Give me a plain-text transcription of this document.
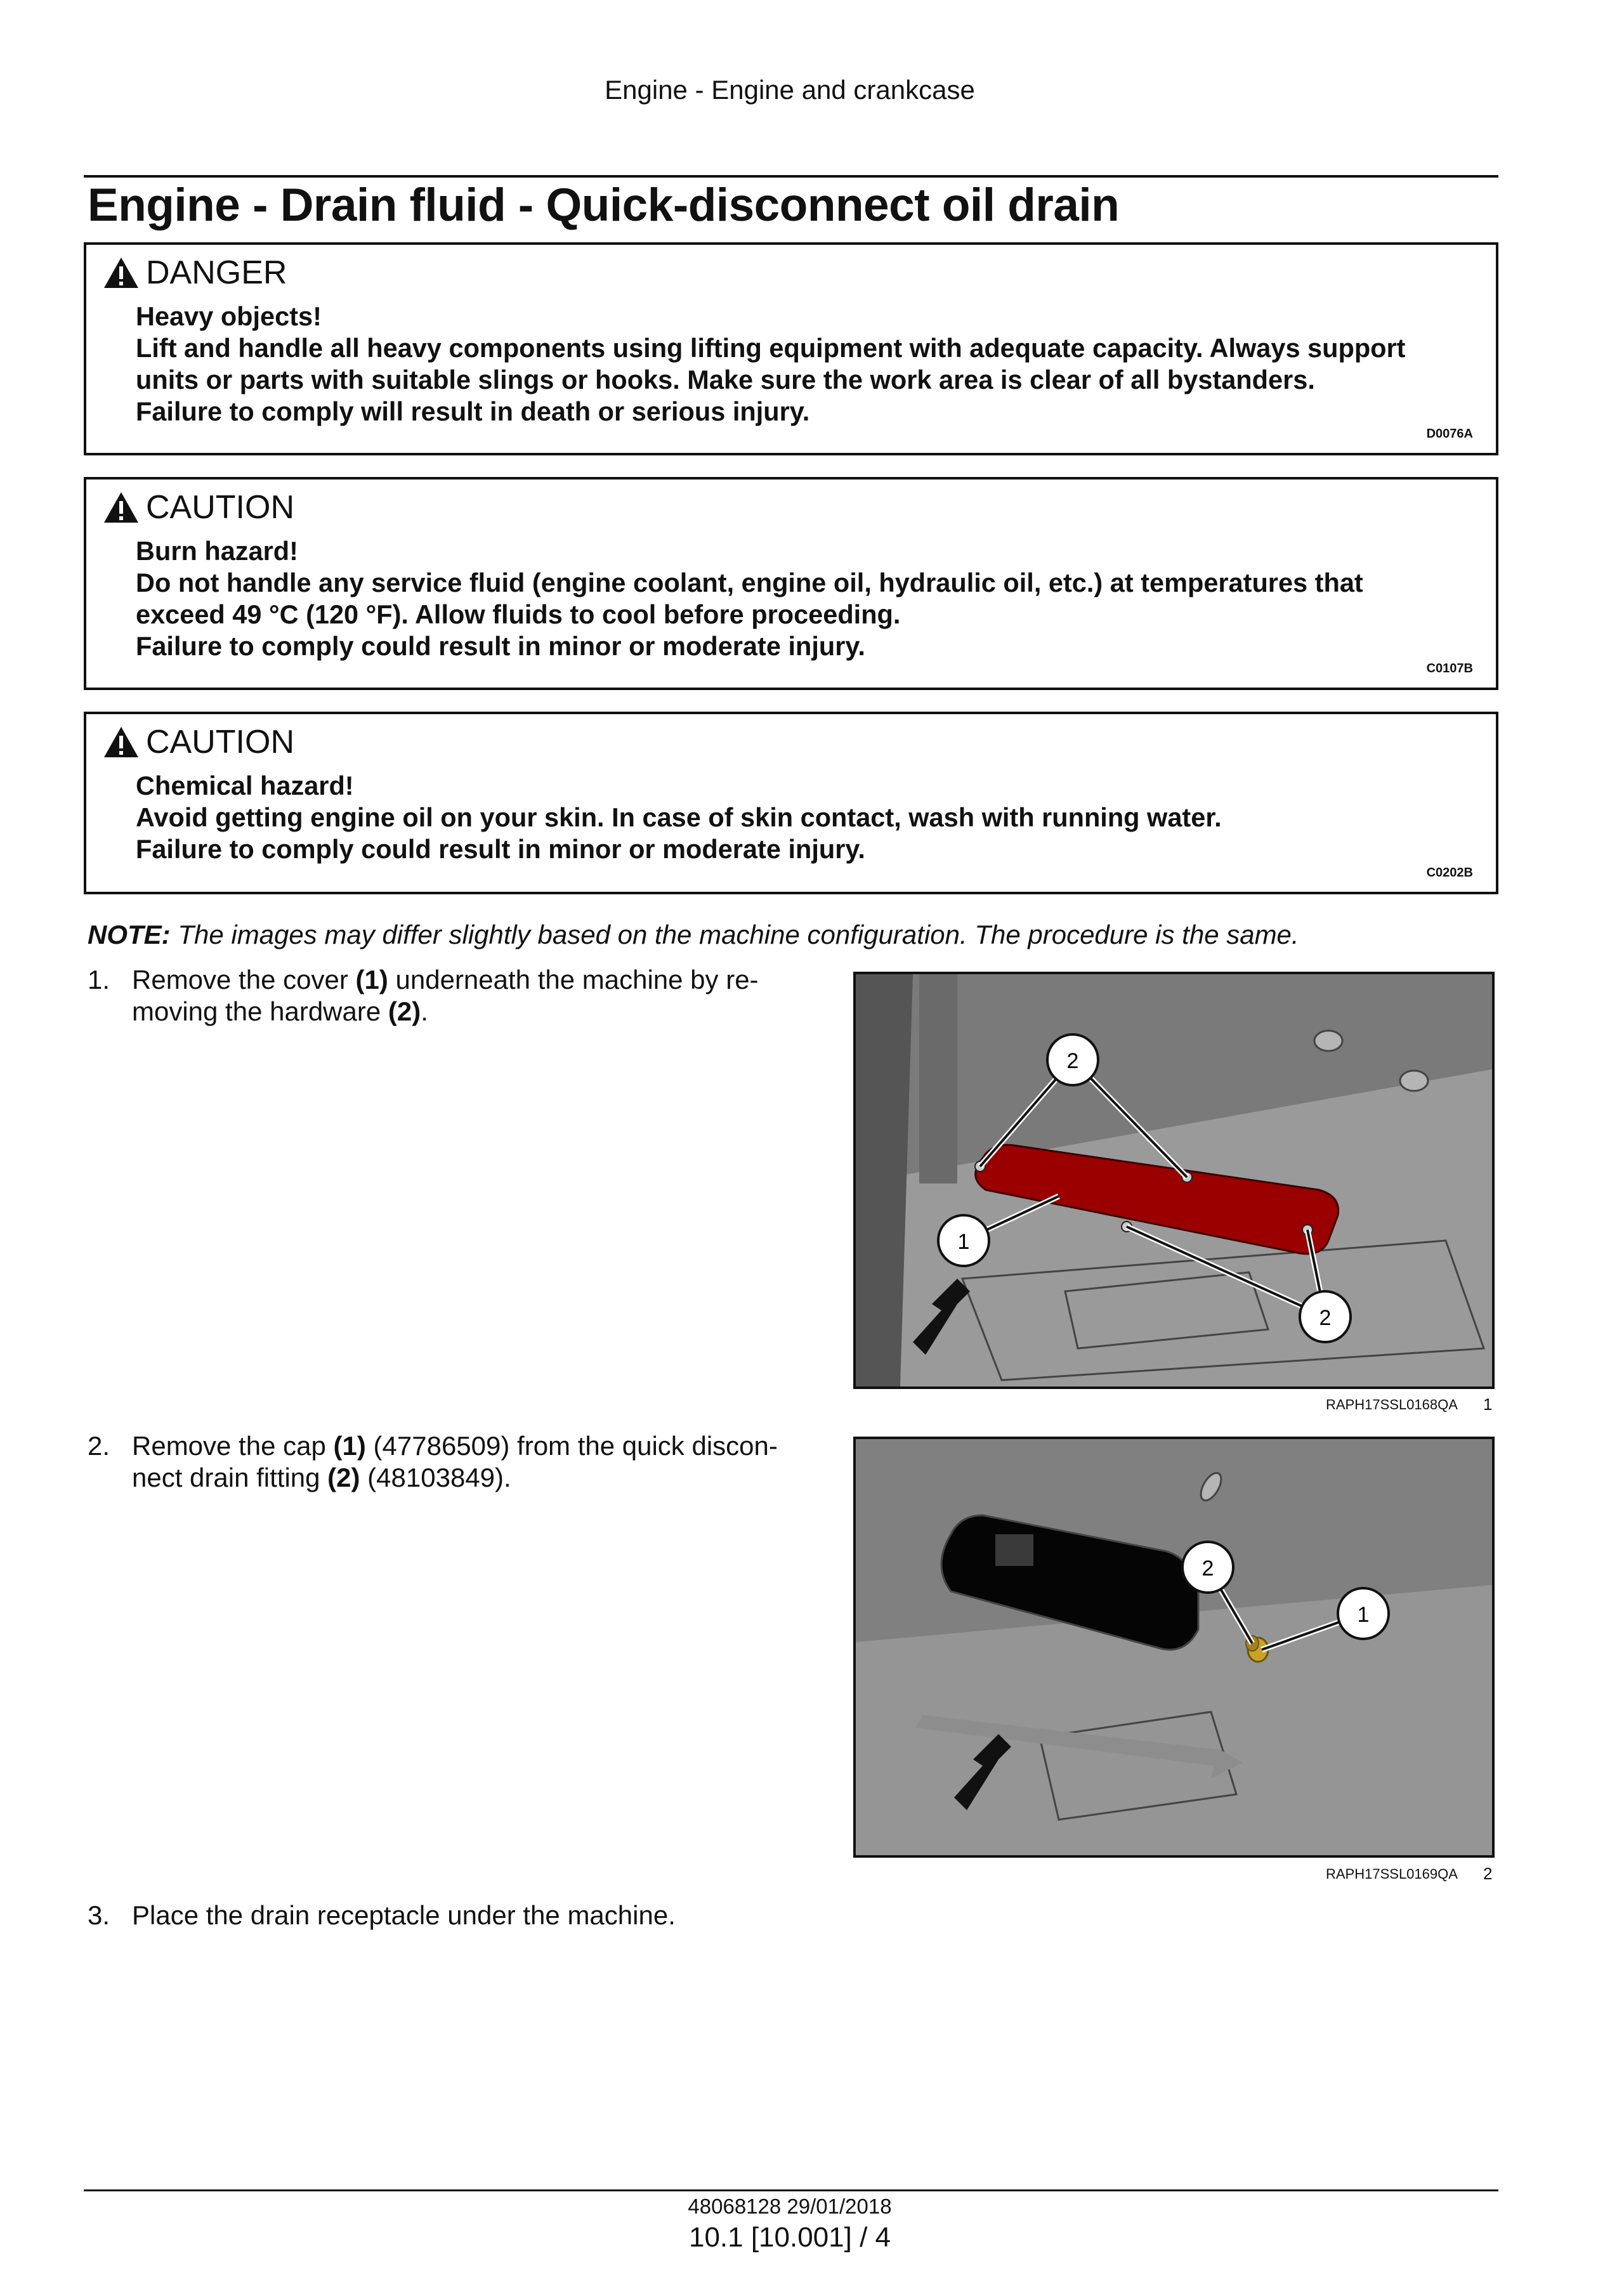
Engine - Engine and crankcase
Engine - Drain fluid - Quick-disconnect oil drain
DANGER
Heavy objects!
Lift and handle all heavy components using lifting equipment with adequate capacity. Always support units or parts with suitable slings or hooks. Make sure the work area is clear of all bystanders.
Failure to comply will result in death or serious injury.
D0076A
CAUTION
Burn hazard!
Do not handle any service fluid (engine coolant, engine oil, hydraulic oil, etc.) at temperatures that exceed 49 °C (120 °F). Allow fluids to cool before proceeding.
Failure to comply could result in minor or moderate injury.
C0107B
CAUTION
Chemical hazard!
Avoid getting engine oil on your skin. In case of skin contact, wash with running water.
Failure to comply could result in minor or moderate injury.
C0202B
NOTE: The images may differ slightly based on the machine configuration. The procedure is the same.
1. Remove the cover (1) underneath the machine by re-moving the hardware (2).
2
1
2
RAPH17SSL0168QA 1
2. Remove the cap (1) (47786509) from the quick discon-nect drain fitting (2) (48103849).
2
1
RAPH17SSL0169QA 2
3. Place the drain receptacle under the machine.
48068128 29/01/2018
10.1 [10.001] / 4
